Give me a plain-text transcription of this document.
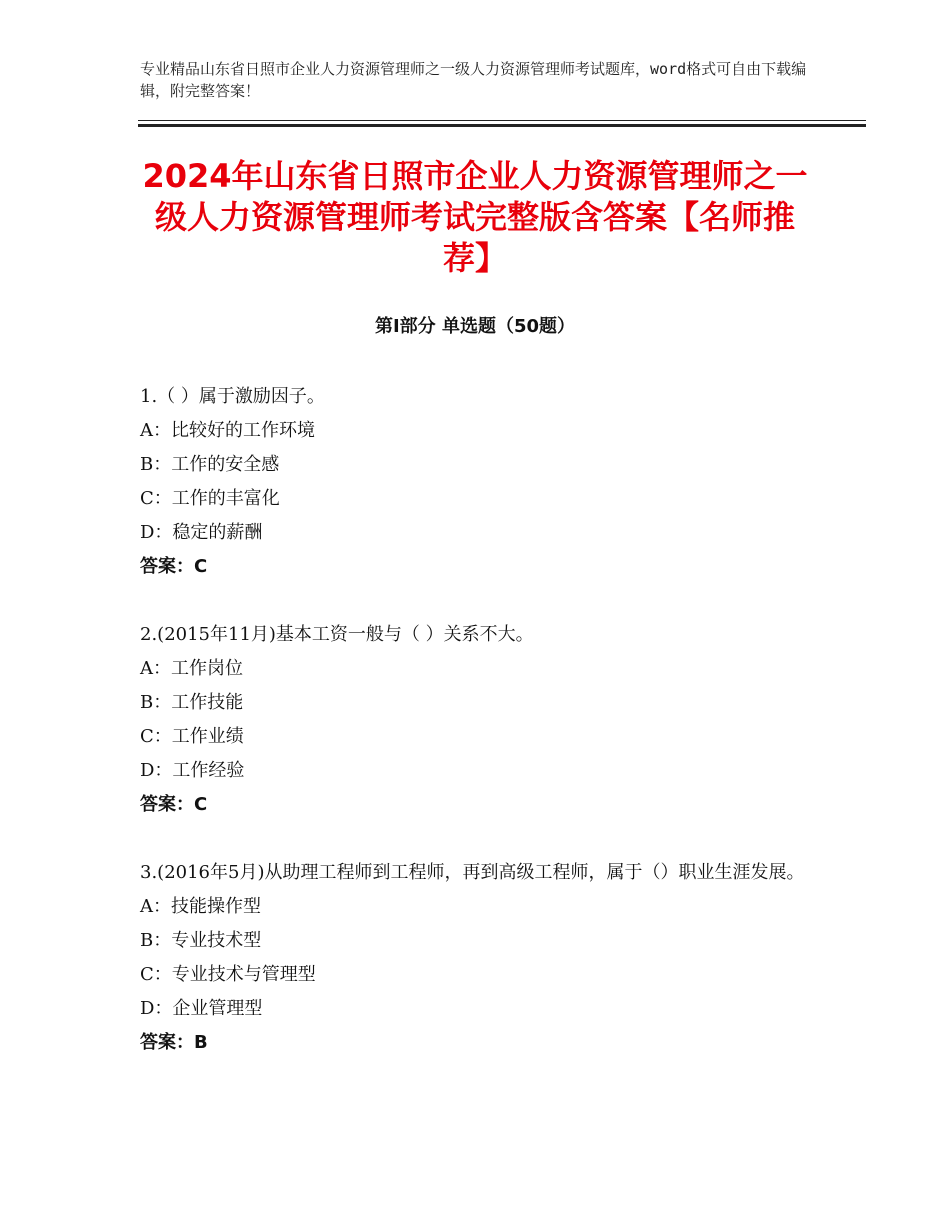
专业精品山东省日照市企业人力资源管理师之一级人力资源管理师考试题库，word格式可自由下载编辑，附完整答案！
2024年山东省日照市企业人力资源管理师之一级人力资源管理师考试完整版含答案【名师推荐】
第Ⅰ部分 单选题（50题）
1.（ ）属于激励因子。
A：比较好的工作环境
B：工作的安全感
C：工作的丰富化
D：稳定的薪酬
答案：C
2.(2015年11月)基本工资一般与（ ）关系不大。
A：工作岗位
B：工作技能
C：工作业绩
D：工作经验
答案：C
3.(2016年5月)从助理工程师到工程师，再到高级工程师，属于（）职业生涯发展。
A：技能操作型
B：专业技术型
C：专业技术与管理型
D：企业管理型
答案：B
